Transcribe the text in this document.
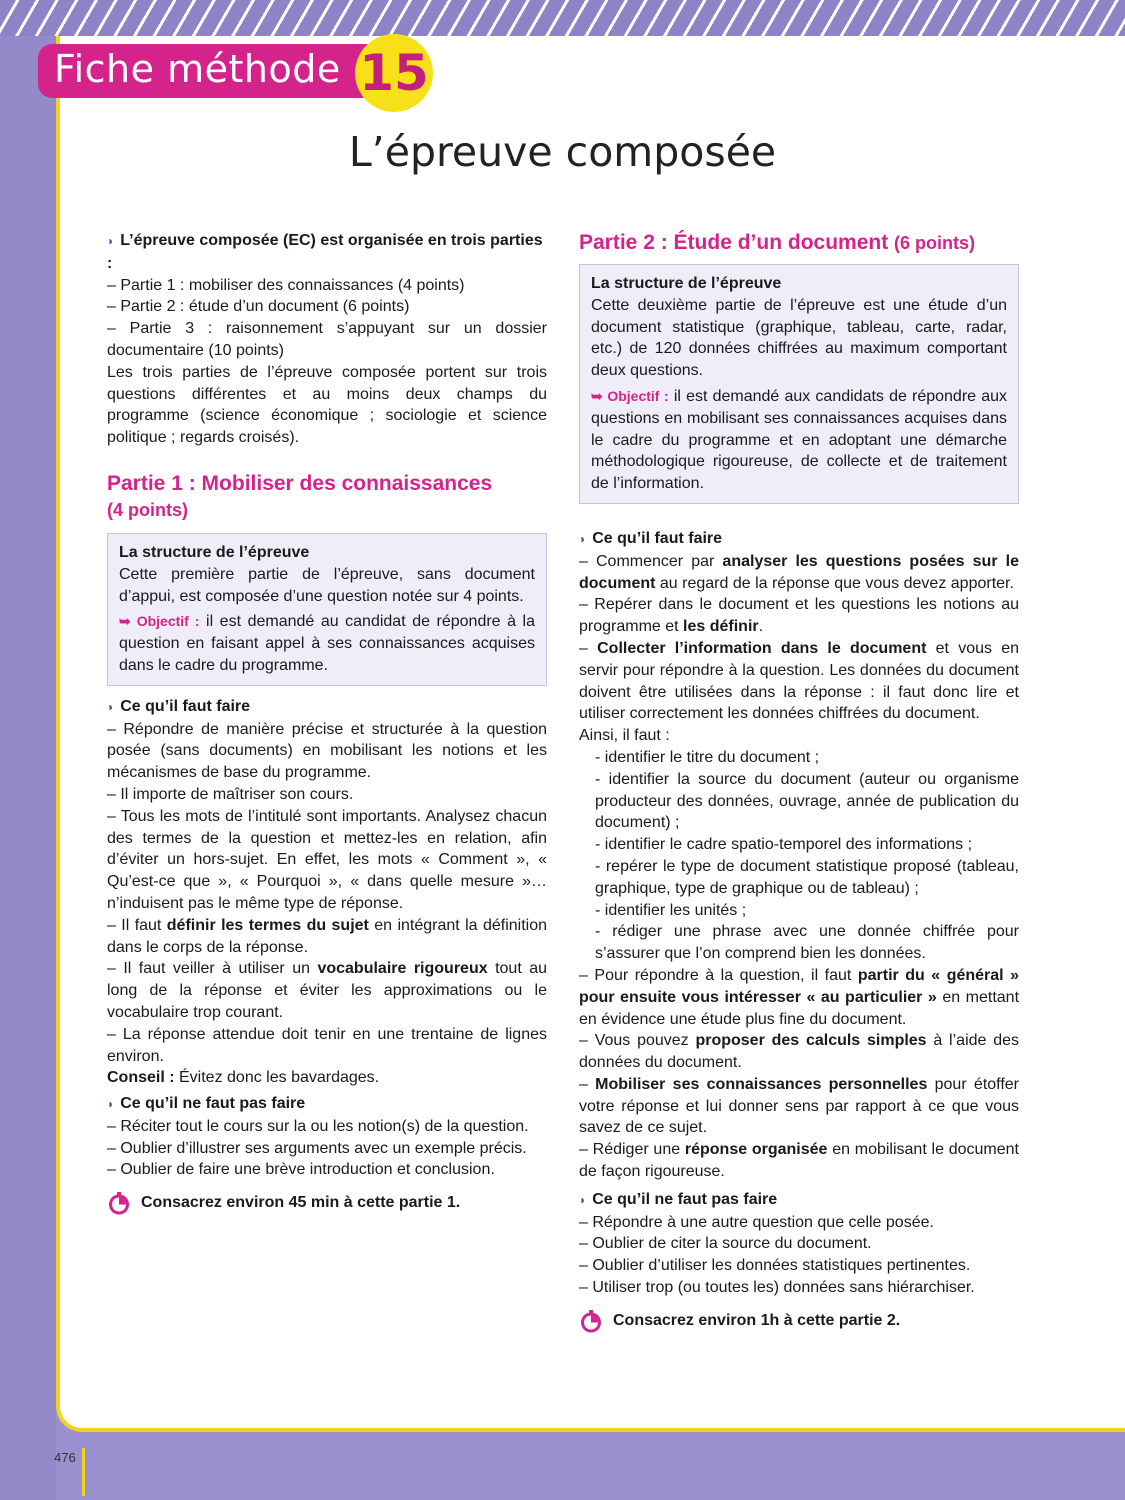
Fiche méthode 15
L’épreuve composée

◗ L’épreuve composée (EC) est organisée en trois parties :

– Partie 1 : mobiliser des connaissances (4 points)

– Partie 2 : étude d’un document (6 points)

– Partie 3 : raisonnement s’appuyant sur un dossier documentaire (10 points)

Les trois parties de l’épreuve composée portent sur trois questions différentes et au moins deux champs du programme (science économique ; sociologie et science politique ; regards croisés).

Partie 1 : Mobiliser des connaissances
(4 points)

La structure de l’épreuve

Cette première partie de l’épreuve, sans document d’appui, est composée d’une question notée sur 4 points.

➥ Objectif : il est demandé au candidat de répondre à la question en faisant appel à ses connaissances acquises dans le cadre du programme.

◗ Ce qu’il faut faire

– Répondre de manière précise et structurée à la question posée (sans documents) en mobilisant les notions et les mécanismes de base du programme.

– Il importe de maîtriser son cours.

– Tous les mots de l’intitulé sont importants. Analysez chacun des termes de la question et mettez-les en relation, afin d’éviter un hors-sujet. En effet, les mots « Comment », « Qu’est-ce que », « Pourquoi », « dans quelle mesure »… n’induisent pas le même type de réponse.

– Il faut définir les termes du sujet en intégrant la définition dans le corps de la réponse.

– Il faut veiller à utiliser un vocabulaire rigoureux tout au long de la réponse et éviter les approximations ou le vocabulaire trop courant.

– La réponse attendue doit tenir en une trentaine de lignes environ.

Conseil : Évitez donc les bavardages.

◗ Ce qu’il ne faut pas faire

– Réciter tout le cours sur la ou les notion(s) de la question.

– Oublier d’illustrer ses arguments avec un exemple précis.

– Oublier de faire une brève introduction et conclusion.

Consacrez environ 45 min à cette partie 1.

Partie 2 : Étude d’un document (6 points)

La structure de l’épreuve

Cette deuxième partie de l’épreuve est une étude d’un document statistique (graphique, tableau, carte, radar, etc.) de 120 données chiffrées au maximum comportant deux questions.

➥ Objectif : il est demandé aux candidats de répondre aux questions en mobilisant ses connaissances acquises dans le cadre du programme et en adoptant une démarche méthodologique rigoureuse, de collecte et de traitement de l’information.

◗ Ce qu’il faut faire

– Commencer par analyser les questions posées sur le document au regard de la réponse que vous devez apporter.

– Repérer dans le document et les questions les notions au programme et les définir.

– Collecter l’information dans le document et vous en servir pour répondre à la question. Les données du document doivent être utilisées dans la réponse : il faut donc lire et utiliser correctement les données chiffrées du document.

Ainsi, il faut :

- identifier le titre du document ;

- identifier la source du document (auteur ou organisme producteur des données, ouvrage, année de publication du document) ;

- identifier le cadre spatio-temporel des informations ;

- repérer le type de document statistique proposé (tableau, graphique, type de graphique ou de tableau) ;

- identifier les unités ;

- rédiger une phrase avec une donnée chiffrée pour s’assurer que l’on comprend bien les données.

– Pour répondre à la question, il faut partir du « général » pour ensuite vous intéresser « au particulier » en mettant en évidence une étude plus fine du document.

– Vous pouvez proposer des calculs simples à l’aide des données du document.

– Mobiliser ses connaissances personnelles pour étoffer votre réponse et lui donner sens par rapport à ce que vous savez de ce sujet.

– Rédiger une réponse organisée en mobilisant le document de façon rigoureuse.

◗ Ce qu’il ne faut pas faire

– Répondre à une autre question que celle posée.

– Oublier de citer la source du document.

– Oublier d’utiliser les données statistiques pertinentes.

– Utiliser trop (ou toutes les) données sans hiérarchiser.

Consacrez environ 1h à cette partie 2.
476
